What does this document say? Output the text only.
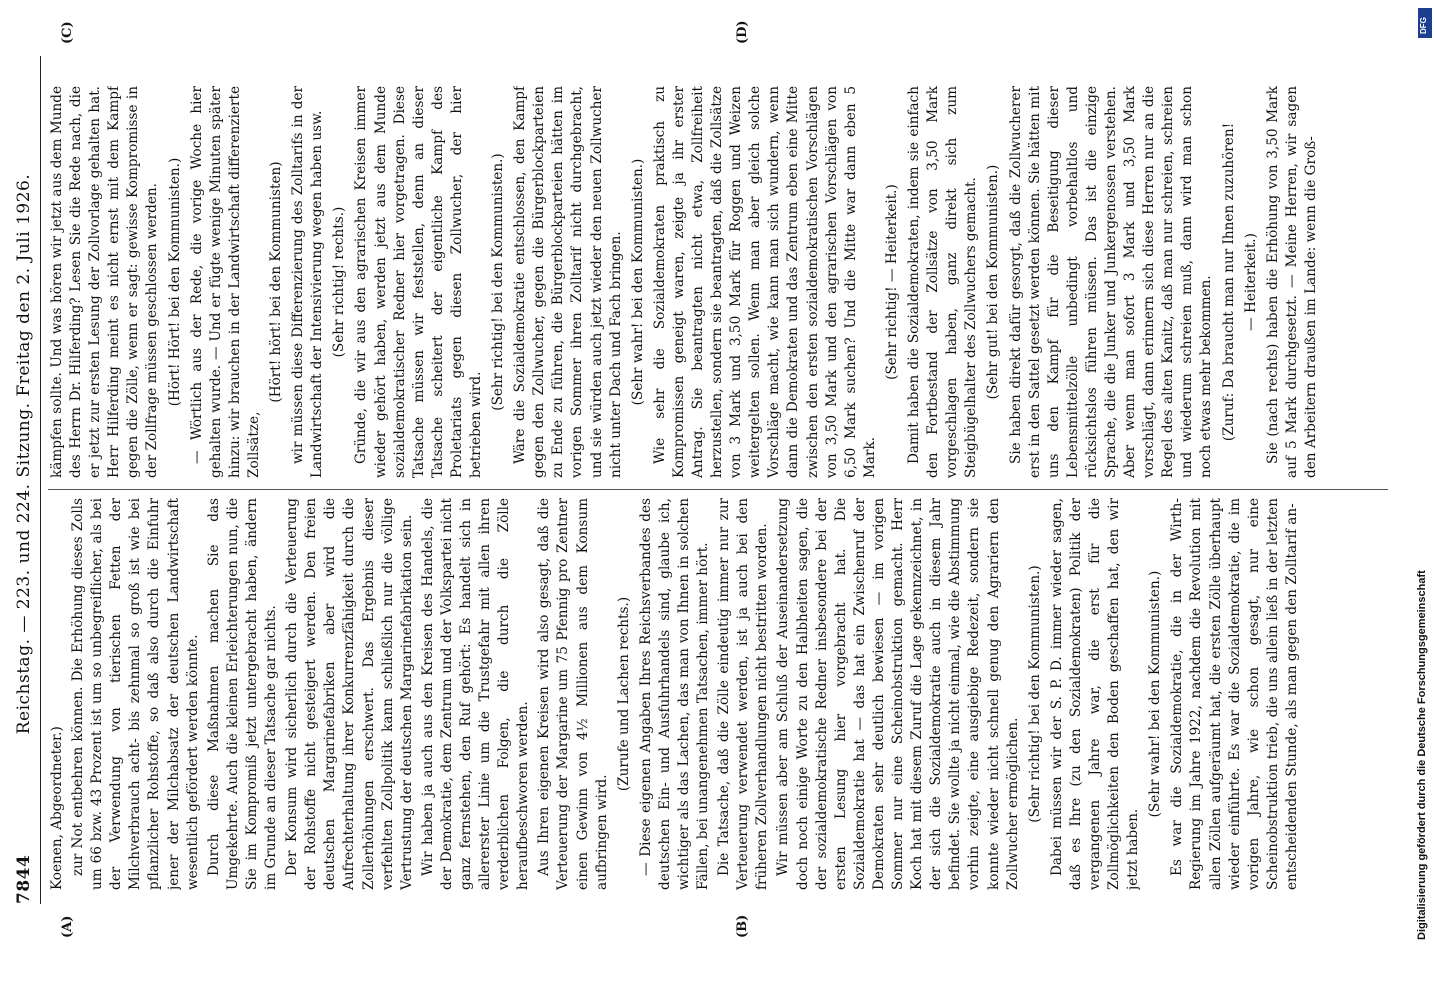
7844
Reichstag. — 223. und 224. Sitzung. Freitag den 2. Juli 1926.
(A)	(B)
(C)	(D)

Koenen, Abgeordneter.) zur Not entbehren können. Die Erhöhung dieses Zolls um 66 bzw. 43 Prozent ist um so unbegreiflicher, als bei der Verwendung von tierischen Fetten der Milchverbrauch acht- bis zehnmal so groß ist wie bei pflanzlicher Rohstoffe, so daß also durch die Einfuhr jener der Milchabsatz der deutschen Landwirtschaft wesentlich gefördert werden könnte. Durch diese Maßnahmen machen Sie das Umgekehrte. Auch die kleinen Erleichterungen nun, die Sie im Kompromiß jetzt untergebracht haben, ändern im Grunde an dieser Tatsache gar nichts. Der Konsum wird sicherlich durch die Verteuerung der Rohstoffe nicht gesteigert werden. Den freien deutschen Margarinefabriken aber wird die Aufrechterhaltung ihrer Konkurrenzfähigkeit durch die Zollerhöhungen erschwert. Das Ergebnis dieser verfehlten Zollpolitik kann schließlich nur die völlige Vertrustung der deutschen Margarinefabrikation sein. Wir haben ja auch aus den Kreisen des Handels, die der Demokratie, dem Zentrum und der Volkspartei nicht ganz fernstehen, den Ruf gehört: Es handelt sich in allererster Linie um die Trustgefahr mit allen ihren verderblichen Folgen, die durch die Zölle heraufbeschworen werden. Aus Ihren eigenen Kreisen wird also gesagt, daß die Verteuerung der Margarine um 75 Pfennig pro Zentner einen Gewinn von 4½ Millionen aus dem Konsum aufbringen wird.

(Zurufe und Lachen rechts.) — Diese eigenen Angaben Ihres Reichsverbandes des deutschen Ein- und Ausfuhrhandels sind, glaube ich, wichtiger als das Lachen, das man von Ihnen in solchen Fällen, bei unangenehmen Tatsachen, immer hört. Die Tatsache, daß die Zölle eindeutig immer nur zur Verteuerung verwendet werden, ist ja auch bei den früheren Zollverhandlungen nicht bestritten worden. Wir müssen aber am Schluß der Auseinandersetzung doch noch einige Worte zu den Halbheiten sagen, die der sozialdemokratische Redner insbesondere bei der ersten Lesung hier vorgebracht hat. Die Sozialdemokratie hat — das hat ein Zwischenruf der Demokraten sehr deutlich bewiesen — im vorigen Sommer nur eine Scheinobstruktion gemacht. Herr Koch hat mit diesem Zuruf die Lage gekennzeichnet, in der sich die Sozialdemokratie auch in diesem Jahr befindet. Sie wollte ja nicht einmal, wie die Abstimmung vorhin zeigte, eine ausgiebige Redezeit, sondern sie konnte wieder nicht schnell genug den Agrariern den Zollwucher ermöglichen. (Sehr richtig! bei den Kommunisten.) Dabei müssen wir der S. P. D. immer wieder sagen, daß es Ihre (zu den Sozialdemokraten) Politik der vergangenen Jahre war, die erst für die Zollmöglichkeiten den Boden geschaffen hat, den wir jetzt haben.

(Sehr wahr! bei den Kommunisten.) Es war die Sozialdemokratie, die in der Wirth-Regierung im Jahre 1922, nachdem die Revolution mit allen Zöllen aufgeräumt hat, die ersten Zölle überhaupt wieder einführte. Es war die Sozialdemokratie, die im vorigen Jahre, wie schon gesagt, nur eine Scheinobstruktion trieb, die uns allein ließ in der letzten entscheidenden Stunde, als man gegen den Zolltarif an-

kämpfen sollte. Und was hören wir jetzt aus dem Munde des Herrn Dr. Hilferding? Lesen Sie die Rede nach, die er jetzt zur ersten Lesung der Zollvorlage gehalten hat. Herr Hilferding meint es nicht ernst mit dem Kampf gegen die Zölle, wenn er sagt: gewisse Kompromisse in der Zollfrage müssen geschlossen werden. (Hört! Hört! bei den Kommunisten.) — Wörtlich aus der Rede, die vorige Woche hier gehalten wurde. — Und er fügte wenige Minuten später hinzu: wir brauchen in der Landwirtschaft differenzierte Zollsätze,

(Hört! hört! bei den Kommunisten) wir müssen diese Differenzierung des Zolltarifs in der Landwirtschaft der Intensivierung wegen haben usw. (Sehr richtig! rechts.) Gründe, die wir aus den agrarischen Kreisen immer wieder gehört haben, werden jetzt aus dem Munde sozialdemokratischer Redner hier vorgetragen. Diese Tatsache müssen wir feststellen, denn an dieser Tatsache scheitert der eigentliche Kampf des Proletariats gegen diesen Zollwucher, der hier betrieben wird.

(Sehr richtig! bei den Kommunisten.) Wäre die Sozialdemokratie entschlossen, den Kampf gegen den Zollwucher, gegen die Bürgerblockparteien zu Ende zu führen, die Bürgerblockparteien hätten im vorigen Sommer ihren Zolltarif nicht durchgebracht, und sie würden auch jetzt wieder den neuen Zollwucher nicht unter Dach und Fach bringen. (Sehr wahr! bei den Kommunisten.) Wie sehr die Sozialdemokraten praktisch zu Kompromissen geneigt waren, zeigte ja ihr erster Antrag. Sie beantragten nicht etwa, Zollfreiheit herzustellen, sondern sie beantragten, daß die Zollsätze von 3 Mark und 3,50 Mark für Roggen und Weizen weitergelten sollen. Wenn man aber gleich solche Vorschläge macht, wie kann man sich wundern, wenn dann die Demokraten und das Zentrum eben eine Mitte zwischen den ersten sozialdemokratischen Vorschlägen von 3,50 Mark und den agrarischen Vorschlägen von 6,50 Mark suchen? Und die Mitte war dann eben 5 Mark.

(Sehr richtig! — Heiterkeit.) Damit haben die Sozialdemokraten, indem sie einfach den Fortbestand der Zollsätze von 3,50 Mark vorgeschlagen haben, ganz direkt sich zum Steigbügelhalter des Zollwuchers gemacht. (Sehr gut! bei den Kommunisten.) Sie haben direkt dafür gesorgt, daß die Zollwucherer erst in den Sattel gesetzt werden können. Sie hätten mit uns den Kampf für die Beseitigung dieser Lebensmittelzölle unbedingt vorbehaltlos und rücksichtslos führen müssen. Das ist die einzige Sprache, die die Junker und Junkergenossen verstehen. Aber wenn man sofort 3 Mark und 3,50 Mark vorschlägt, dann erinnern sich diese Herren nur an die Regel des alten Kanitz, daß man nur schreien, schreien und wiederum schreien muß, dann wird man schon noch etwas mehr bekommen. (Zuruf: Da braucht man nur Ihnen zuzuhören! — Heiterkeit.) Sie (nach rechts) haben die Erhöhung von 3,50 Mark auf 5 Mark durchgesetzt. — Meine Herren, wir sagen den Arbeitern draußen im Lande: wenn die Groß-

DFG
Digitalisierung gefördert durch die Deutsche Forschungsgemeinschaft
